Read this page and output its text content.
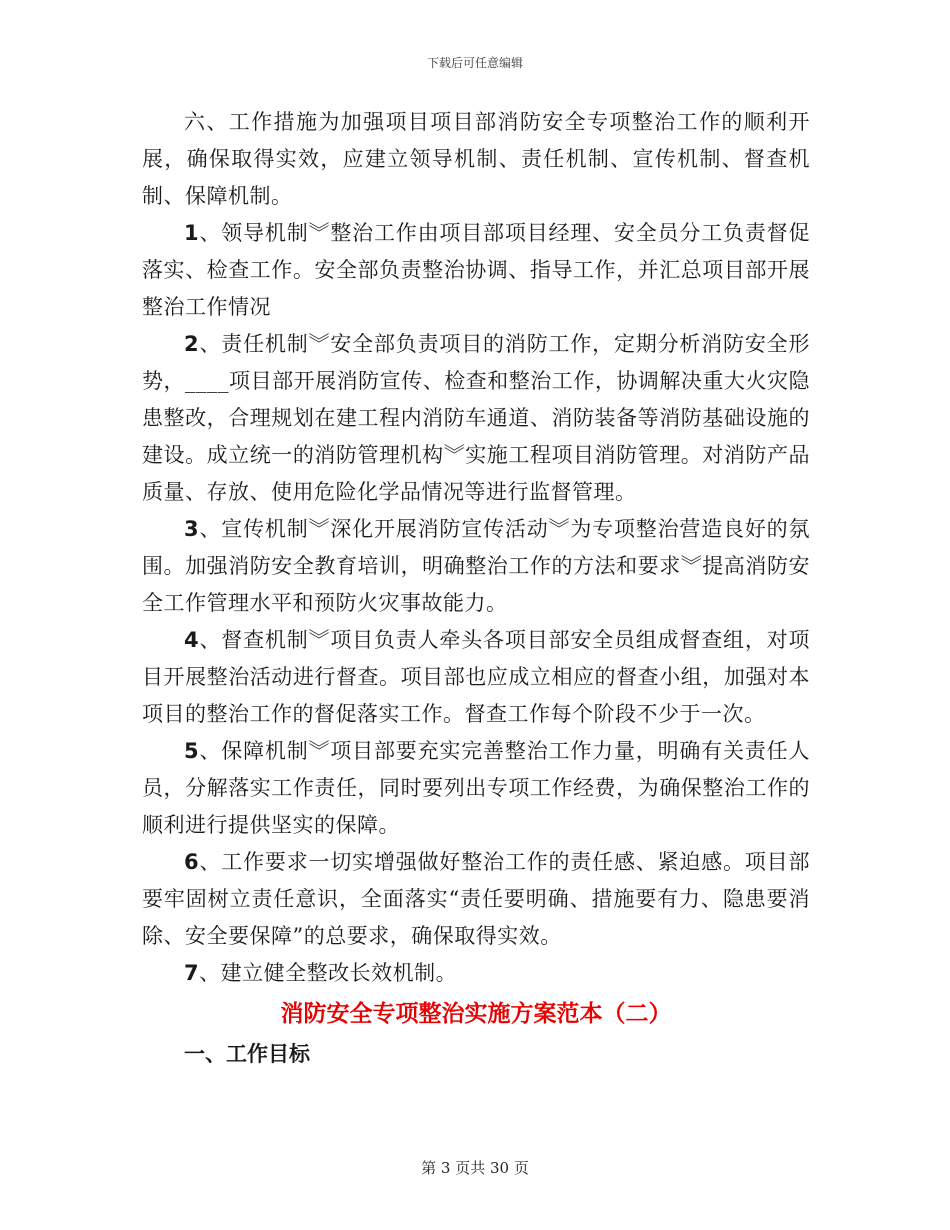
下载后可任意编辑

六、工作措施为加强项目项目部消防安全专项整治工作的顺利开展，确保取得实效，应建立领导机制、责任机制、宣传机制、督查机制、保障机制。

1、领导机制︾整治工作由项目部项目经理、安全员分工负责督促落实、检查工作。安全部负责整治协调、指导工作，并汇总项目部开展整治工作情况

2、责任机制︾安全部负责项目的消防工作，定期分析消防安全形势，____项目部开展消防宣传、检查和整治工作，协调解决重大火灾隐患整改，合理规划在建工程内消防车通道、消防装备等消防基础设施的建设。成立统一的消防管理机构︾实施工程项目消防管理。对消防产品质量、存放、使用危险化学品情况等进行监督管理。

3、宣传机制︾深化开展消防宣传活动︾为专项整治营造良好的氛围。加强消防安全教育培训，明确整治工作的方法和要求︾提高消防安全工作管理水平和预防火灾事故能力。

4、督查机制︾项目负责人牵头各项目部安全员组成督查组，对项目开展整治活动进行督查。项目部也应成立相应的督查小组，加强对本项目的整治工作的督促落实工作。督查工作每个阶段不少于一次。

5、保障机制︾项目部要充实完善整治工作力量，明确有关责任人员，分解落实工作责任，同时要列出专项工作经费，为确保整治工作的顺利进行提供坚实的保障。

6、工作要求一切实增强做好整治工作的责任感、紧迫感。项目部要牢固树立责任意识，全面落实“责任要明确、措施要有力、隐患要消除、安全要保障”的总要求，确保取得实效。

7、建立健全整改长效机制。

消防安全专项整治实施方案范本（二）
一、工作目标
第 3 页共 30 页
